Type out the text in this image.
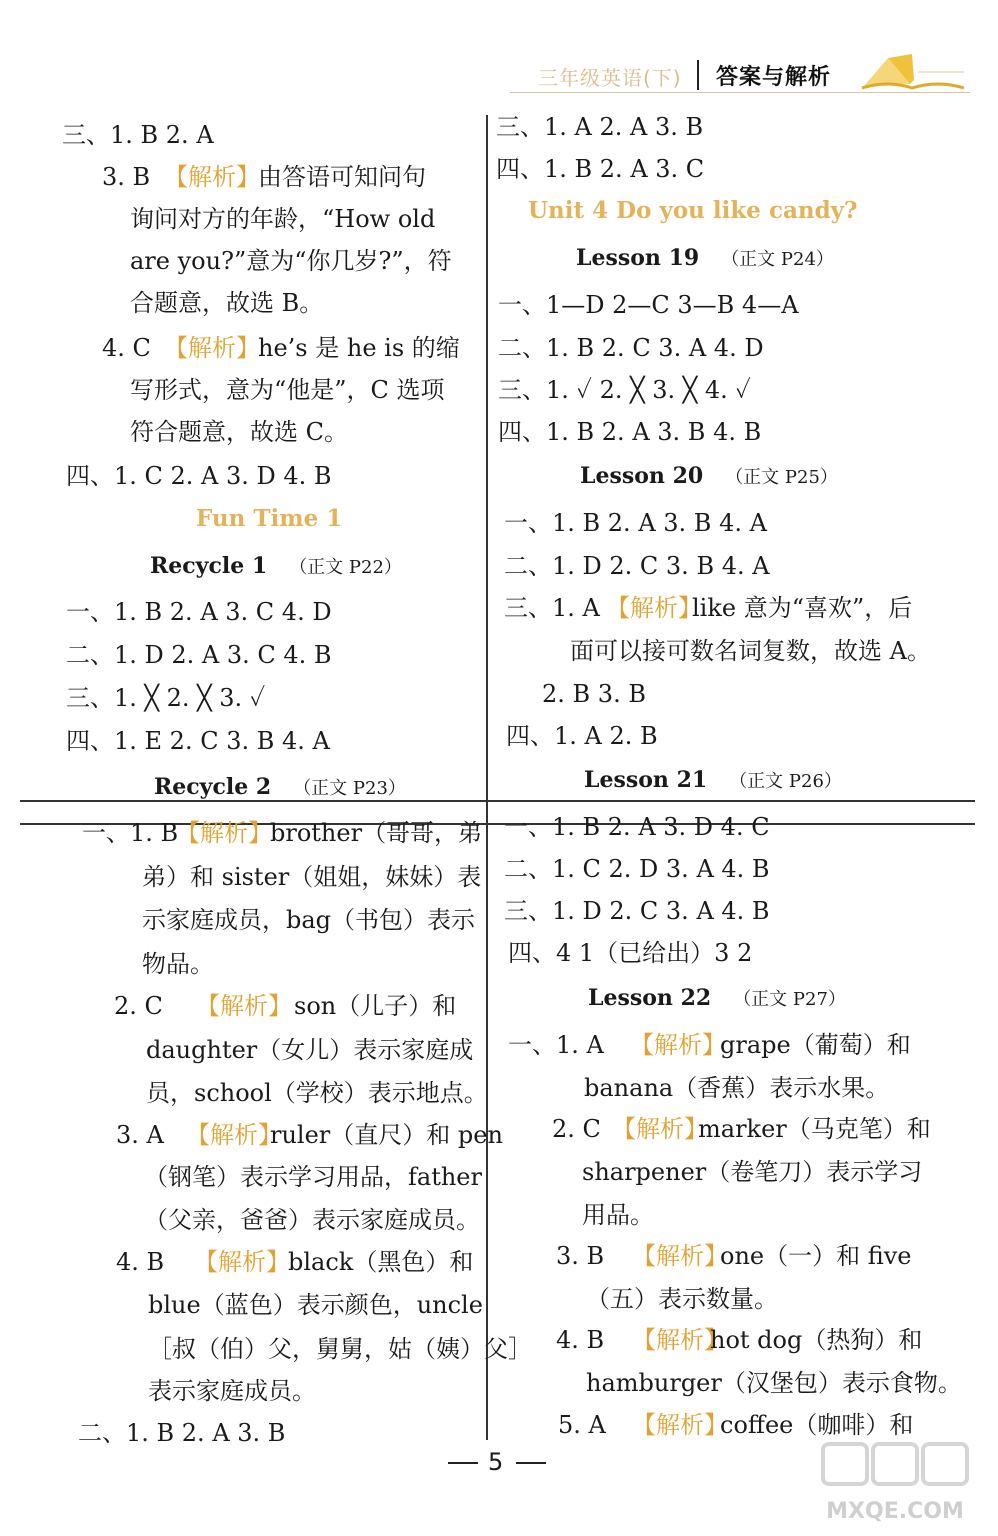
三年级英语(下) 答案与解析
三、1. B 2. A
3. B 【解析】
由答语可知问句
询问对方的年龄，“How old
are you?”意为“你几岁?”，符
合题意，故选 B。
4. C 【解析】
he’s 是 he is 的缩
写形式，意为“他是”，C 选项
符合题意，故选 C。
四、1. C 2. A 3. D 4. B
Fun Time 1
Recycle 1 （正文 P22）
一、1. B 2. A 3. C 4. D
二、1. D 2. A 3. C 4. B
三、1. ╳ 2. ╳ 3. ✓
四、1. E 2. C 3. B 4. A
Recycle 2 （正文 P23）
一、1. B
【解析】
brother（哥哥，弟
弟）和 sister（姐姐，妹妹）表
示家庭成员，bag（书包）表示
物品。
2. C 【解析】 son（儿子）和
daughter（女儿）表示家庭成
员，school（学校）表示地点。
3. A 【解析】
ruler（直尺）和 pen
（钢笔）表示学习用品，father
（父亲，爸爸）表示家庭成员。
4. B 【解析】
black（黑色）和
blue（蓝色）表示颜色，uncle
［叔（伯）父，舅舅，姑（姨）父］
表示家庭成员。
二、1. B 2. A 3. B
三、1. A 2. A 3. B
四、1. B 2. A 3. C
Unit 4 Do you like candy?
Lesson 19 （正文 P24）
一、1—D 2—C 3—B 4—A
二、1. B 2. C 3. A 4. D
三、1. ✓ 2. ╳ 3. ╳ 4. ✓
四、1. B 2. A 3. B 4. B
Lesson 20 （正文 P25）
一、1. B 2. A 3. B 4. A
二、1. D 2. C 3. B 4. A
三、1. A 【解析】
like 意为“喜欢”，后
面可以接可数名词复数，故选 A。
2. B 3. B
四、1. A 2. B
Lesson 21 （正文 P26）
一、1. B 2. A 3. D 4. C
二、1. C 2. D 3. A 4. B
三、1. D 2. C 3. A 4. B
四、4 1（已给出）3 2
Lesson 22 （正文 P27）
一、1. A 【解析】
grape（葡萄）和
banana（香蕉）表示水果。
2. C 【解析】
marker（马克笔）和
sharpener（卷笔刀）表示学习
用品。
3. B 【解析】
one（一）和 five
（五）表示数量。
4. B 【解析】
hot dog（热狗）和
hamburger（汉堡包）表示食物。
5. A 【解析】
coffee（咖啡）和
5
MXQE.COM
